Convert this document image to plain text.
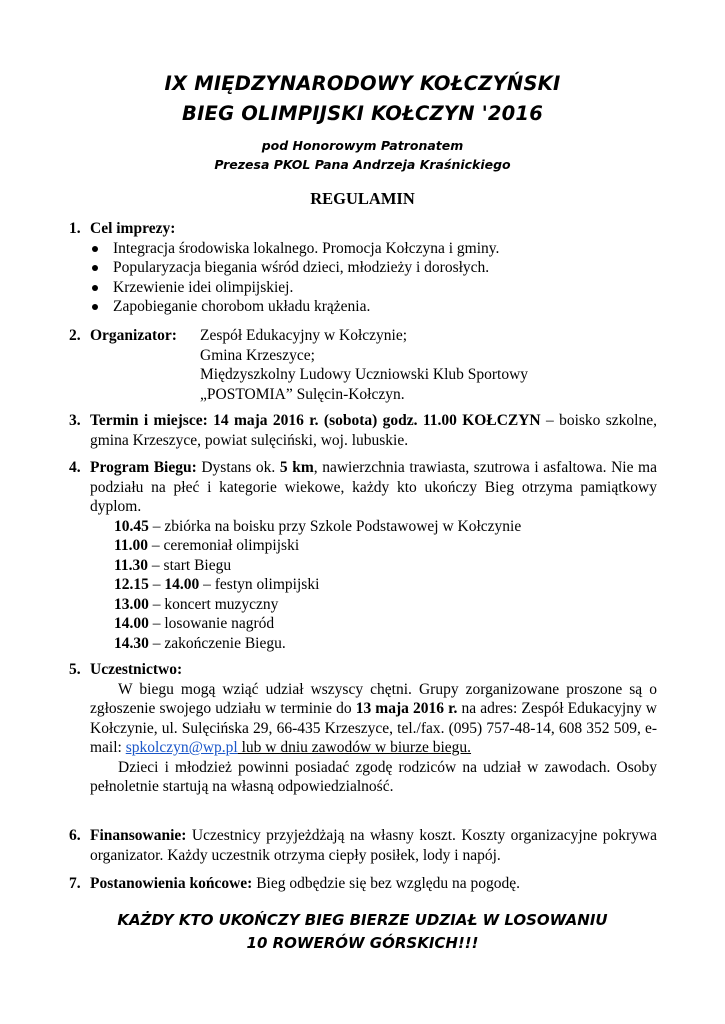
IX MIĘDZYNARODOWY KOŁCZYŃSKI
BIEG OLIMPIJSKI KOŁCZYN '2016
pod Honorowym Patronatem
Prezesa PKOL Pana Andrzeja Kraśnickiego
REGULAMIN
1. Cel imprezy:
Integracja środowiska lokalnego. Promocja Kołczyna i gminy.
Popularyzacja biegania wśród dzieci, młodzieży i dorosłych.
Krzewienie idei olimpijskiej.
Zapobieganie chorobom układu krążenia.
2. Organizator: Zespół Edukacyjny w Kołczynie;
Gmina Krzeszyce;
Międzyszkolny Ludowy Uczniowski Klub Sportowy
„POSTOMIA” Sulęcin-Kołczyn.
3. Termin i miejsce: 14 maja 2016 r. (sobota) godz. 11.00 KOŁCZYN – boisko szkolne, gmina Krzeszyce, powiat sulęciński, woj. lubuskie.
4. Program Biegu: Dystans ok. 5 km, nawierzchnia trawiasta, szutrowa i asfaltowa. Nie ma podziału na płeć i kategorie wiekowe, każdy kto ukończy Bieg otrzyma pamiątkowy dyplom.
10.45 – zbiórka na boisku przy Szkole Podstawowej w Kołczynie
11.00 – ceremoniał olimpijski
11.30 – start Biegu
12.15 – 14.00 – festyn olimpijski
13.00 – koncert muzyczny
14.00 – losowanie nagród
14.30 – zakończenie Biegu.
5. Uczestnictwo:
W biegu mogą wziąć udział wszyscy chętni. Grupy zorganizowane proszone są o zgłoszenie swojego udziału w terminie do 13 maja 2016 r. na adres: Zespół Edukacyjny w Kołczynie, ul. Sulęcińska 29, 66-435 Krzeszyce, tel./fax. (095) 757-48-14, 608 352 509, e-mail: spkolczyn@wp.pl lub w dniu zawodów w biurze biegu.
Dzieci i młodzież powinni posiadać zgodę rodziców na udział w zawodach. Osoby pełnoletnie startują na własną odpowiedzialność.
6. Finansowanie: Uczestnicy przyjeżdżają na własny koszt. Koszty organizacyjne pokrywa organizator. Każdy uczestnik otrzyma ciepły posiłek, lody i napój.
7. Postanowienia końcowe: Bieg odbędzie się bez względu na pogodę.
KAŻDY KTO UKOŃCZY BIEG BIERZE UDZIAŁ W LOSOWANIU
10 ROWERÓW GÓRSKICH!!!
